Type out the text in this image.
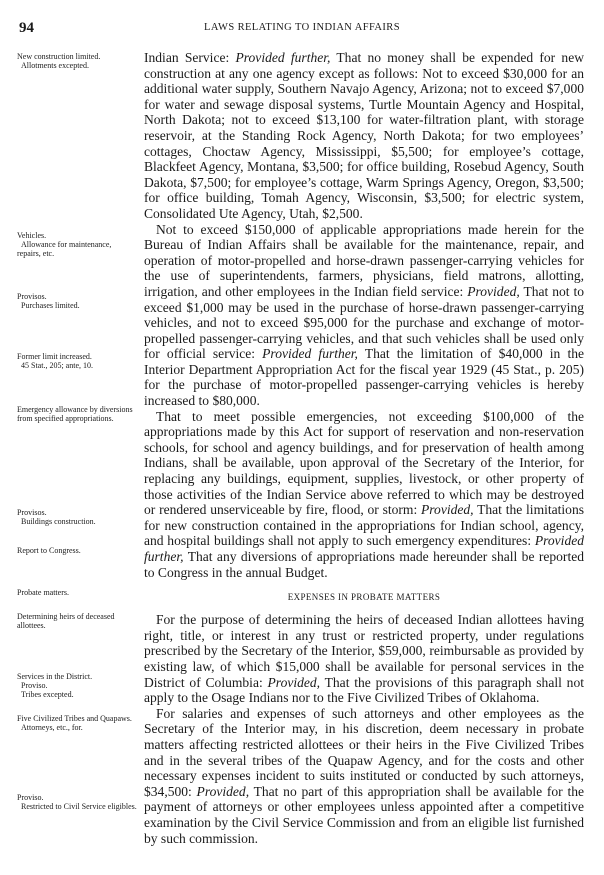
94	LAWS RELATING TO INDIAN AFFAIRS
New construction limited.
Allotments excepted.
Vehicles.
Allowance for maintenance, repairs, etc.
Provisos.
Purchases limited.
Former limit increased.
45 Stat., 205; ante, 10.
Emergency allowance by diversions from specified appropriations.
Provisos.
Buildings construction.
Report to Congress.
Probate matters.
Determining heirs of deceased allottees.
Services in the District.
Proviso.
Tribes excepted.
Five Civilized Tribes and Quapaws.
Attorneys, etc., for.
Proviso.
Restricted to Civil Service eligibles.

Indian Service: Provided further, That no money shall be expended for new construction at any one agency except as follows: Not to exceed $30,000 for an additional water supply, Southern Navajo Agency, Arizona; not to exceed $7,000 for water and sewage disposal systems, Turtle Mountain Agency and Hospital, North Dakota; not to exceed $13,100 for water-filtration plant, with storage reservoir, at the Standing Rock Agency, North Dakota; for two employees’ cottages, Choctaw Agency, Mississippi, $5,500; for employee’s cottage, Blackfeet Agency, Montana, $3,500; for office building, Rosebud Agency, South Dakota, $7,500; for employee’s cottage, Warm Springs Agency, Oregon, $3,500; for office building, Tomah Agency, Wisconsin, $3,500; for electric system, Consolidated Ute Agency, Utah, $2,500.

Not to exceed $150,000 of applicable appropriations made herein for the Bureau of Indian Affairs shall be available for the maintenance, repair, and operation of motor-propelled and horse-drawn passenger-carrying vehicles for the use of superintendents, farmers, physicians, field matrons, allotting, irrigation, and other employees in the Indian field service: Provided, That not to exceed $1,000 may be used in the purchase of horse-drawn passenger-carrying vehicles, and not to exceed $95,000 for the purchase and exchange of motor-propelled passenger-carrying vehicles, and that such vehicles shall be used only for official service: Provided further, That the limitation of $40,000 in the Interior Department Appropriation Act for the fiscal year 1929 (45 Stat., p. 205) for the purchase of motor-propelled passenger-carrying vehicles is hereby increased to $80,000.

That to meet possible emergencies, not exceeding $100,000 of the appropriations made by this Act for support of reservation and non-reservation schools, for school and agency buildings, and for preservation of health among Indians, shall be available, upon approval of the Secretary of the Interior, for replacing any buildings, equipment, supplies, livestock, or other property of those activities of the Indian Service above referred to which may be destroyed or rendered unserviceable by fire, flood, or storm: Provided, That the limitations for new construction contained in the appropriations for Indian school, agency, and hospital buildings shall not apply to such emergency expenditures: Provided further, That any diversions of appropriations made hereunder shall be reported to Congress in the annual Budget.

EXPENSES IN PROBATE MATTERS

For the purpose of determining the heirs of deceased Indian allottees having right, title, or interest in any trust or restricted property, under regulations prescribed by the Secretary of the Interior, $59,000, reimbursable as provided by existing law, of which $15,000 shall be available for personal services in the District of Columbia: Provided, That the provisions of this paragraph shall not apply to the Osage Indians nor to the Five Civilized Tribes of Oklahoma.

For salaries and expenses of such attorneys and other employees as the Secretary of the Interior may, in his discretion, deem necessary in probate matters affecting restricted allottees or their heirs in the Five Civilized Tribes and in the several tribes of the Quapaw Agency, and for the costs and other necessary expenses incident to suits instituted or conducted by such attorneys, $34,500: Provided, That no part of this appropriation shall be available for the payment of attorneys or other employees unless appointed after a competitive examination by the Civil Service Commission and from an eligible list furnished by such commission.
